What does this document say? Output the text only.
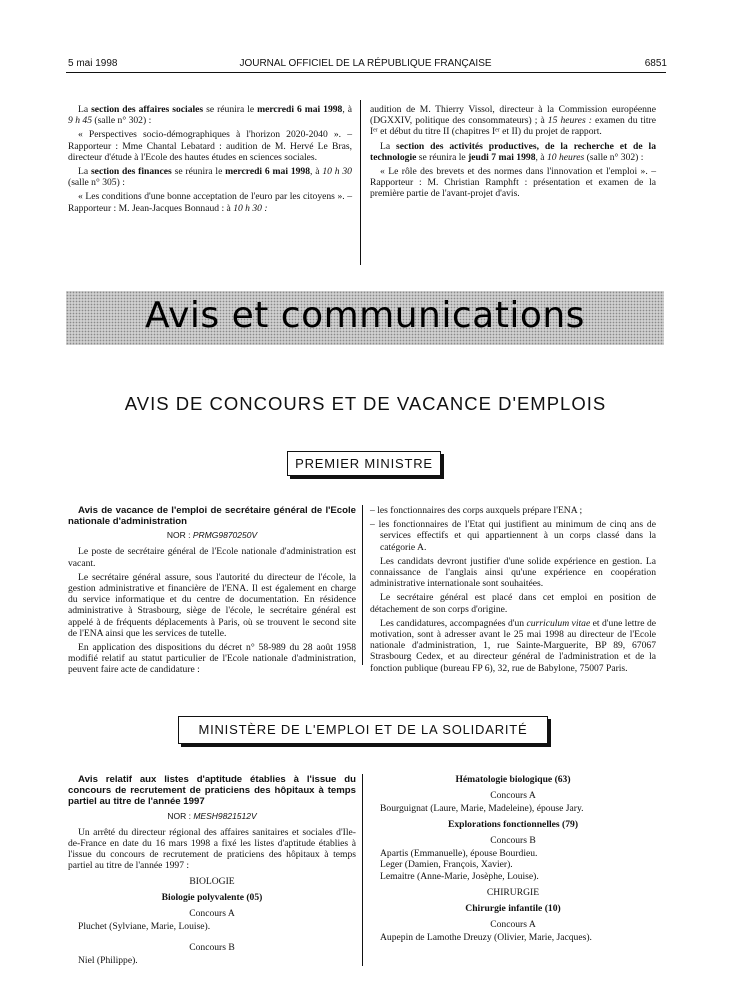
5 mai 1998	JOURNAL OFFICIEL DE LA RÉPUBLIQUE FRANÇAISE	6851

La section des affaires sociales se réunira le mercredi 6 mai 1998, à 9 h 45 (salle n° 302) :

« Perspectives socio-démographiques à l'horizon 2020-2040 ». – Rapporteur : Mme Chantal Lebatard : audition de M. Hervé Le Bras, directeur d'étude à l'Ecole des hautes études en sciences sociales.

La section des finances se réunira le mercredi 6 mai 1998, à 10 h 30 (salle n° 305) :

« Les conditions d'une bonne acceptation de l'euro par les citoyens ». – Rapporteur : M. Jean-Jacques Bonnaud : à 10 h 30 :

audition de M. Thierry Vissol, directeur à la Commission européenne (DGXXIV, politique des consommateurs) ; à 15 heures : examen du titre Iᵉʳ et début du titre II (chapitres Iᵉʳ et II) du projet de rapport.

La section des activités productives, de la recherche et de la technologie se réunira le jeudi 7 mai 1998, à 10 heures (salle n° 302) :

« Le rôle des brevets et des normes dans l'innovation et l'emploi ». – Rapporteur : M. Christian Ramphft : présentation et examen de la première partie de l'avant-projet d'avis.

Avis et communications
AVIS DE CONCOURS ET DE VACANCE D'EMPLOIS
PREMIER MINISTRE

Avis de vacance de l'emploi de secrétaire général de l'Ecole nationale d'administration

NOR : PRMG9870250V

Le poste de secrétaire général de l'Ecole nationale d'administration est vacant.

Le secrétaire général assure, sous l'autorité du directeur de l'école, la gestion administrative et financière de l'ENA. Il est également en charge du service informatique et du centre de documentation. En résidence administrative à Strasbourg, siège de l'école, le secrétaire général est appelé à de fréquents déplacements à Paris, où se trouvent le second site de l'ENA ainsi que les services de tutelle.

En application des dispositions du décret n° 58-989 du 28 août 1958 modifié relatif au statut particulier de l'Ecole nationale d'administration, peuvent faire acte de candidature :

– les fonctionnaires des corps auxquels prépare l'ENA ;

– les fonctionnaires de l'Etat qui justifient au minimum de cinq ans de services effectifs et qui appartiennent à un corps classé dans la catégorie A.

Les candidats devront justifier d'une solide expérience en gestion. La connaissance de l'anglais ainsi qu'une expérience en coopération administrative internationale sont souhaitées.

Le secrétaire général est placé dans cet emploi en position de détachement de son corps d'origine.

Les candidatures, accompagnées d'un curriculum vitae et d'une lettre de motivation, sont à adresser avant le 25 mai 1998 au directeur de l'Ecole nationale d'administration, 1, rue Sainte-Marguerite, BP 89, 67067 Strasbourg Cedex, et au directeur général de l'administration et de la fonction publique (bureau FP 6), 32, rue de Babylone, 75007 Paris.

MINISTÈRE DE L'EMPLOI ET DE LA SOLIDARITÉ

Avis relatif aux listes d'aptitude établies à l'issue du concours de recrutement de praticiens des hôpitaux à temps partiel au titre de l'année 1997

NOR : MESH9821512V

Un arrêté du directeur régional des affaires sanitaires et sociales d'Ile-de-France en date du 16 mars 1998 a fixé les listes d'aptitude établies à l'issue du concours de recrutement de praticiens des hôpitaux à temps partiel au titre de l'année 1997 :

BIOLOGIE
Biologie polyvalente (05)
Concours A

Pluchet (Sylviane, Marie, Louise).

Concours B

Niel (Philippe).

Hématologie biologique (63)
Concours A

Bourguignat (Laure, Marie, Madeleine), épouse Jary.

Explorations fonctionnelles (79)
Concours B

Apartis (Emmanuelle), épouse Bourdieu.

Leger (Damien, François, Xavier).

Lemaitre (Anne-Marie, Josèphe, Louise).

CHIRURGIE
Chirurgie infantile (10)
Concours A

Aupepin de Lamothe Dreuzy (Olivier, Marie, Jacques).
